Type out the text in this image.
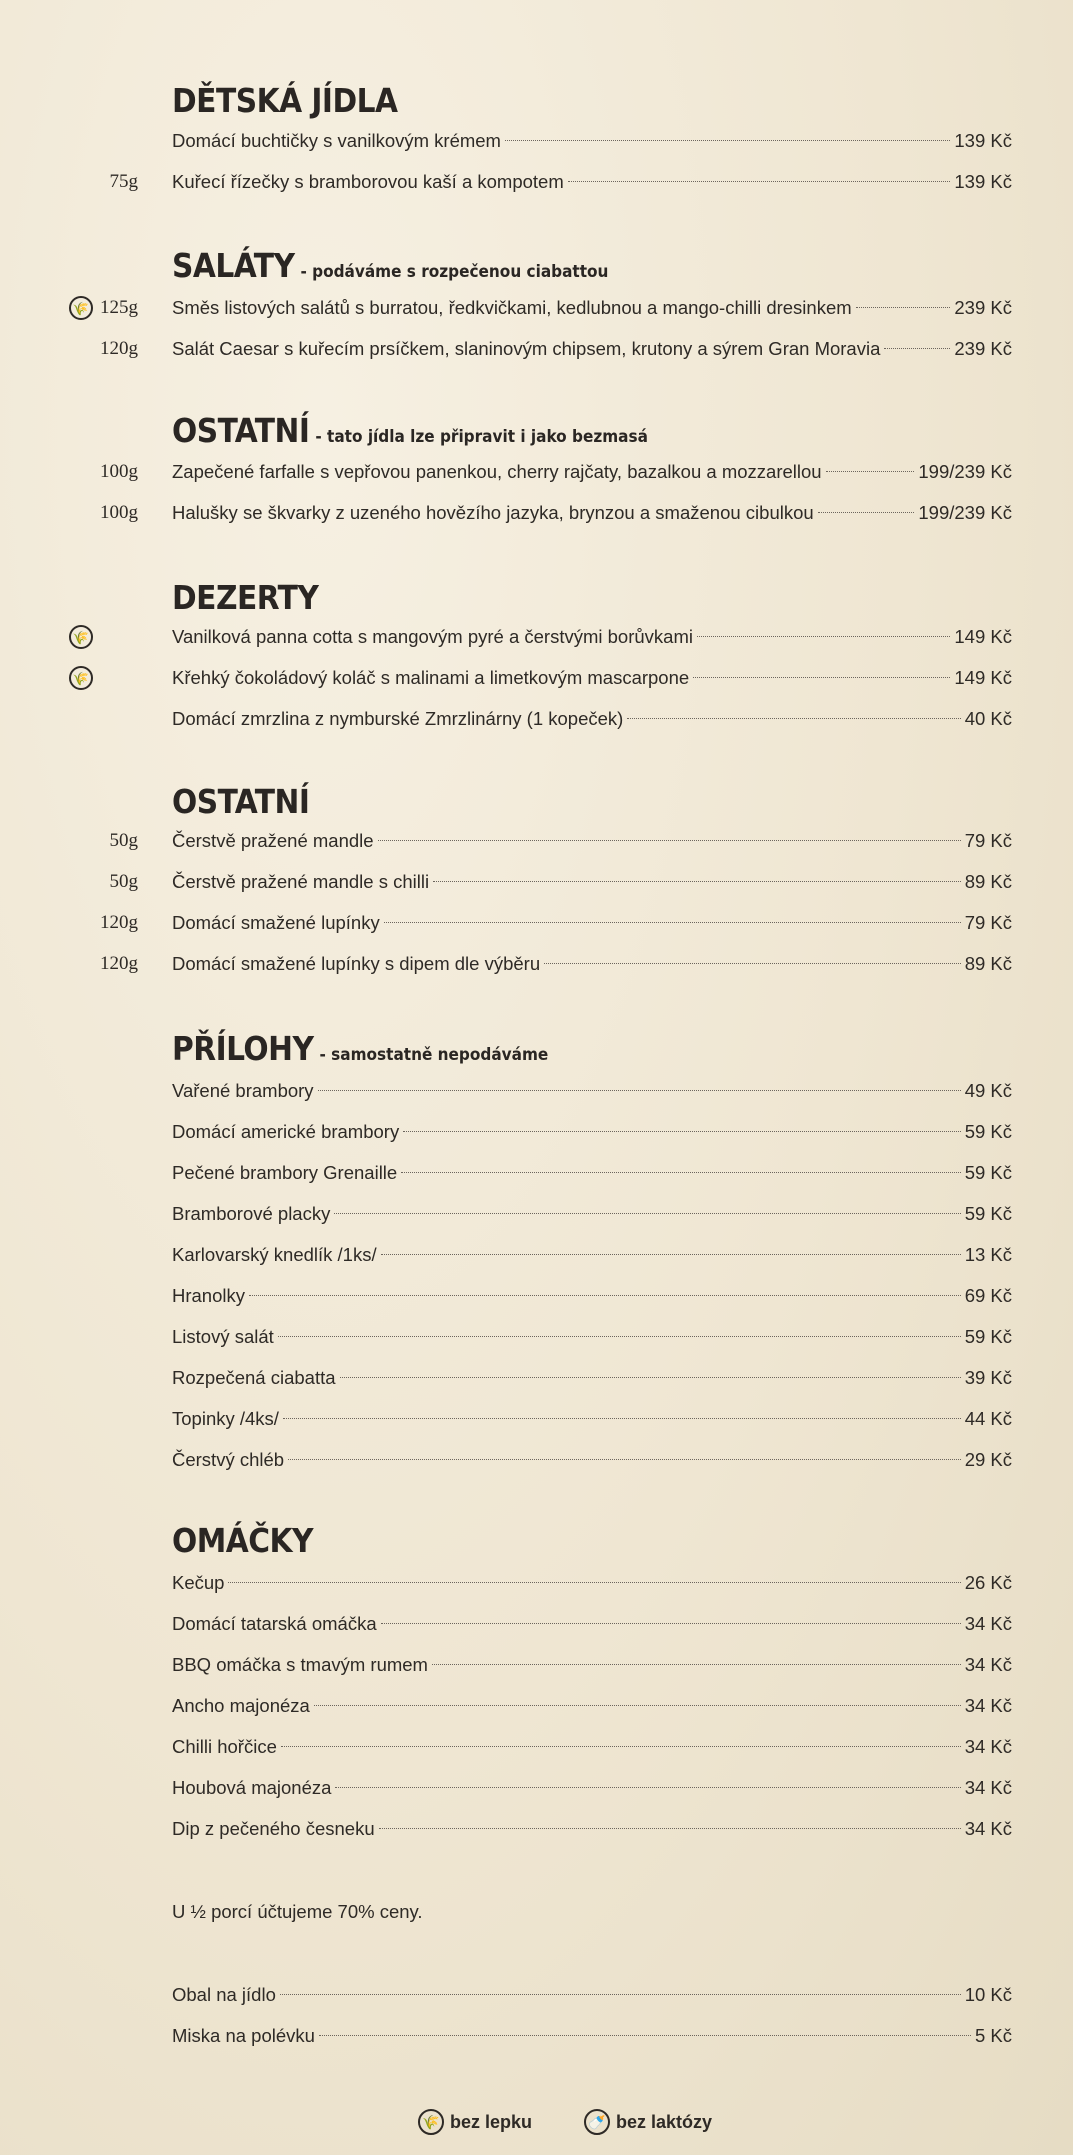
DĚTSKÁ JÍDLA
Domácí buchtičky s vanilkovým krémem	139 Kč
75g Kuřecí řízečky s bramborovou kaší a kompotem	139 Kč
SALÁTY - podáváme s rozpečenou ciabattou
🌾 125g Směs listových salátů s burratou, ředkvičkami, kedlubnou a mango-chilli dresinkem	239 Kč
120g Salát Caesar s kuřecím prsíčkem, slaninovým chipsem, krutony a sýrem Gran Moravia	239 Kč
OSTATNÍ - tato jídla lze připravit i jako bezmasá
100g Zapečené farfalle s vepřovou panenkou, cherry rajčaty, bazalkou a mozzarellou	199/239 Kč
100g Halušky se škvarky z uzeného hovězího jazyka, brynzou a smaženou cibulkou	199/239 Kč
DEZERTY
🌾	Vanilková panna cotta s mangovým pyré a čerstvými borůvkami	149 Kč
🌾	Křehký čokoládový koláč s malinami a limetkovým mascarpone	149 Kč
Domácí zmrzlina z nymburské Zmrzlinárny (1 kopeček)	40 Kč
OSTATNÍ
50g Čerstvě pražené mandle	79 Kč
50g Čerstvě pražené mandle s chilli	89 Kč
120g Domácí smažené lupínky	79 Kč
120g Domácí smažené lupínky s dipem dle výběru	89 Kč
PŘÍLOHY - samostatně nepodáváme
Vařené brambory	49 Kč
Domácí americké brambory	59 Kč
Pečené brambory Grenaille	59 Kč
Bramborové placky	59 Kč
Karlovarský knedlík /1ks/	13 Kč
Hranolky	69 Kč
Listový salát	59 Kč
Rozpečená ciabatta	39 Kč
Topinky /4ks/	44 Kč
Čerstvý chléb	29 Kč
OMÁČKY
Kečup	26 Kč
Domácí tatarská omáčka	34 Kč
BBQ omáčka s tmavým rumem	34 Kč
Ancho majonéza	34 Kč
Chilli hořčice	34 Kč
Houbová majonéza	34 Kč
Dip z pečeného česneku	34 Kč
U ½ porcí účtujeme 70% ceny.
Obal na jídlo	10 Kč
Miska na polévku	5 Kč
🌾 bez lepku	🍼 bez laktózy
